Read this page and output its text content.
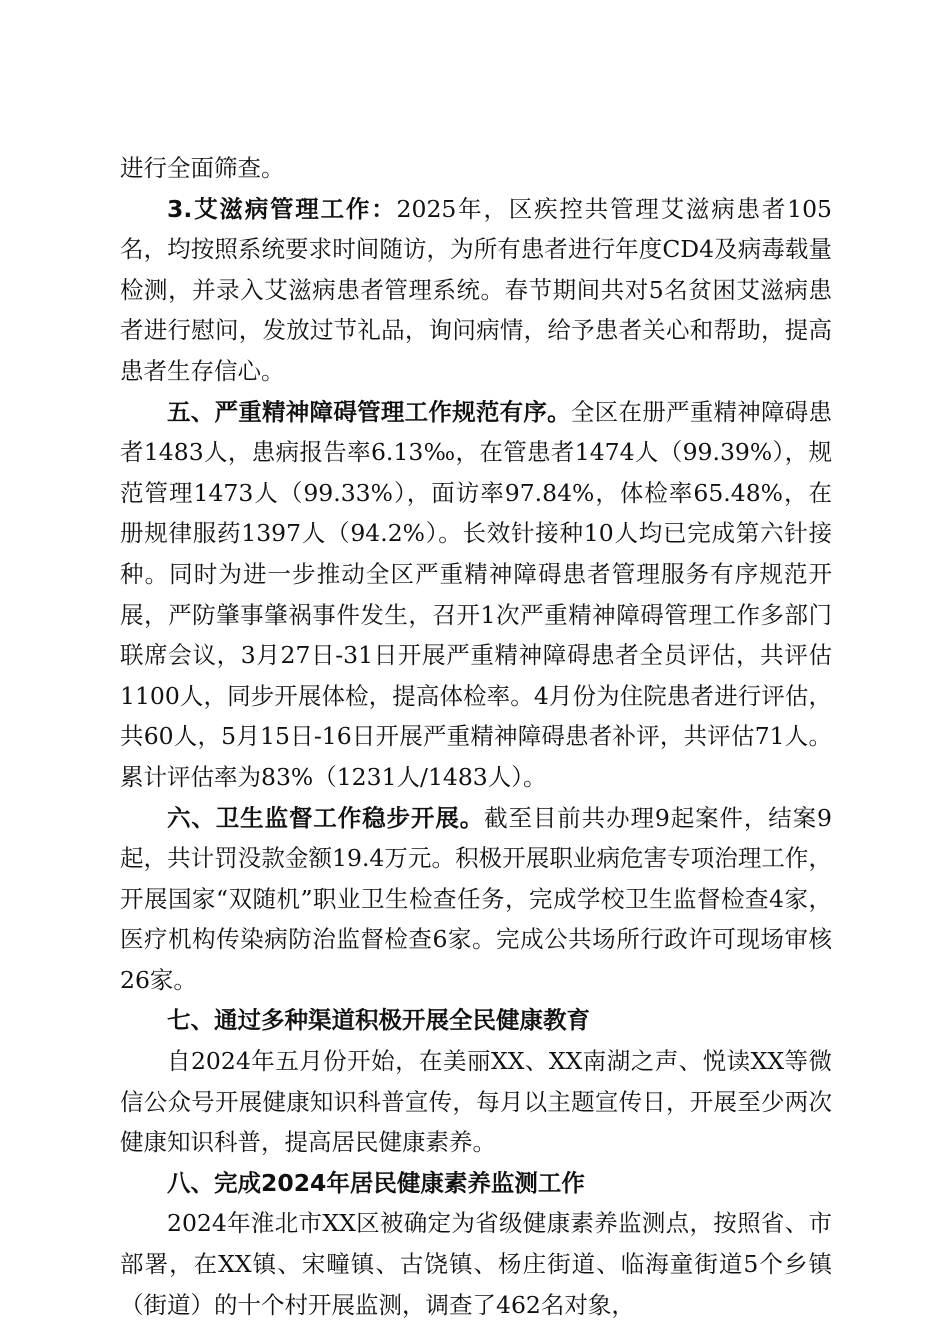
进行全面筛查。

3.艾滋病管理工作：2025年，区疾控共管理艾滋病患者105名，均按照系统要求时间随访，为所有患者进行年度CD4及病毒载量检测，并录入艾滋病患者管理系统。春节期间共对5名贫困艾滋病患者进行慰问，发放过节礼品，询问病情，给予患者关心和帮助，提高患者生存信心。

五、严重精神障碍管理工作规范有序。全区在册严重精神障碍患者1483人，患病报告率6.13‰，在管患者1474人（99.39%），规范管理1473人（99.33%），面访率97.84%，体检率65.48%，在册规律服药1397人（94.2%）。长效针接种10人均已完成第六针接种。同时为进一步推动全区严重精神障碍患者管理服务有序规范开展，严防肇事肇祸事件发生，召开1次严重精神障碍管理工作多部门联席会议，3月27日-31日开展严重精神障碍患者全员评估，共评估1100人，同步开展体检，提高体检率。4月份为住院患者进行评估，共60人，5月15日-16日开展严重精神障碍患者补评，共评估71人。累计评估率为83%（1231人/1483人）。

六、卫生监督工作稳步开展。截至目前共办理9起案件，结案9起，共计罚没款金额19.4万元。积极开展职业病危害专项治理工作，开展国家“双随机”职业卫生检查任务，完成学校卫生监督检查4家，医疗机构传染病防治监督检查6家。完成公共场所行政许可现场审核26家。

七、通过多种渠道积极开展全民健康教育

自2024年五月份开始，在美丽XX、XX南湖之声、悦读XX等微信公众号开展健康知识科普宣传，每月以主题宣传日，开展至少两次健康知识科普，提高居民健康素养。

八、完成2024年居民健康素养监测工作

2024年淮北市XX区被确定为省级健康素养监测点，按照省、市部署，在XX镇、宋疃镇、古饶镇、杨庄街道、临海童街道5个乡镇（街道）的十个村开展监测，调查了462名对象，
